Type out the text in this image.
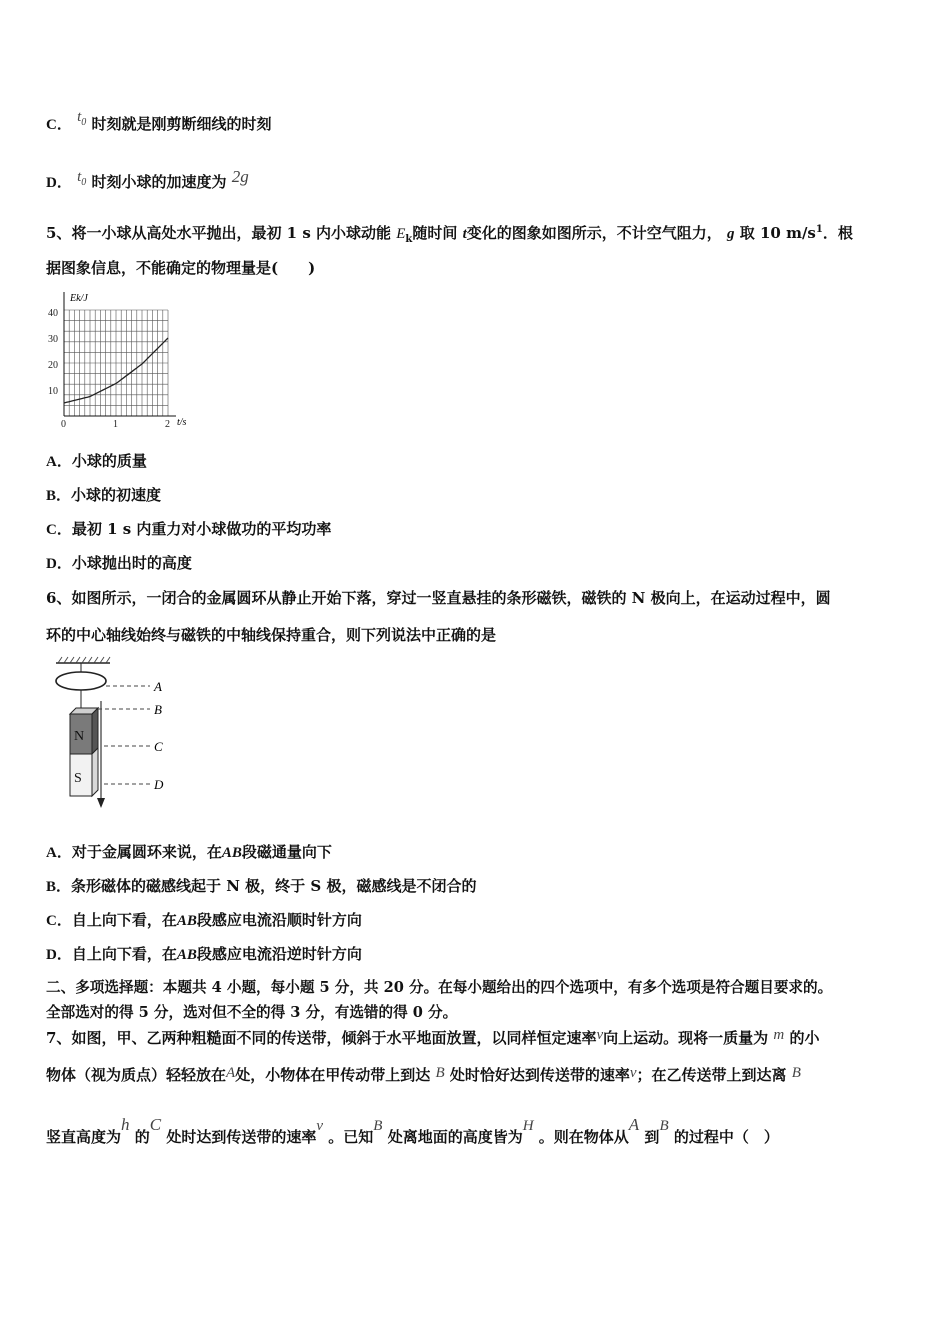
C． $t_0$ 时刻就是刚剪断细线的时刻
D． $t_0$ 时刻小球的加速度为 2g
5、将一小球从高处水平抛出，最初 1 s 内小球动能 $E_k$随时间 t变化的图象如图所示，不计空气阻力， g 取 10 $m/s^1$．根
据图象信息，不能确定的物理量是(　　)
0	1	2
10
20
30
40
Ek/J
t/s
A．小球的质量
B．小球的初速度
C．最初 1 s 内重力对小球做功的平均功率
D．小球抛出时的高度
6、如图所示，一闭合的金属圆环从静止开始下落，穿过一竖直悬挂的条形磁铁，磁铁的 N 极向上，在运动过程中，圆
环的中心轴线始终与磁铁的中轴线保持重合，则下列说法中正确的是
N
S
A
B
C
D
A．对于金属圆环来说，在AB段磁通量向下
B．条形磁体的磁感线起于 N 极，终于 S 极，磁感线是不闭合的
C．自上向下看，在AB段感应电流沿顺时针方向
D．自上向下看，在AB段感应电流沿逆时针方向
二、多项选择题：本题共 4 小题，每小题 5 分，共 20 分。在每小题给出的四个选项中，有多个选项是符合题目要求的。
全部选对的得 5 分，选对但不全的得 3 分，有选错的得 0 分。
7、如图，甲、乙两种粗糙面不同的传送带，倾斜于水平地面放置，以同样恒定速率v向上运动。现将一质量为 m 的小
物体（视为质点）轻轻放在A处，小物体在甲传动带上到达 B 处时恰好达到传送带的速率v；在乙传送带上到达离 B
竖直高度为h 的C 处时达到传送带的速率v 。已知B 处离地面的高度皆为H 。则在物体从A 到B 的过程中（　）
